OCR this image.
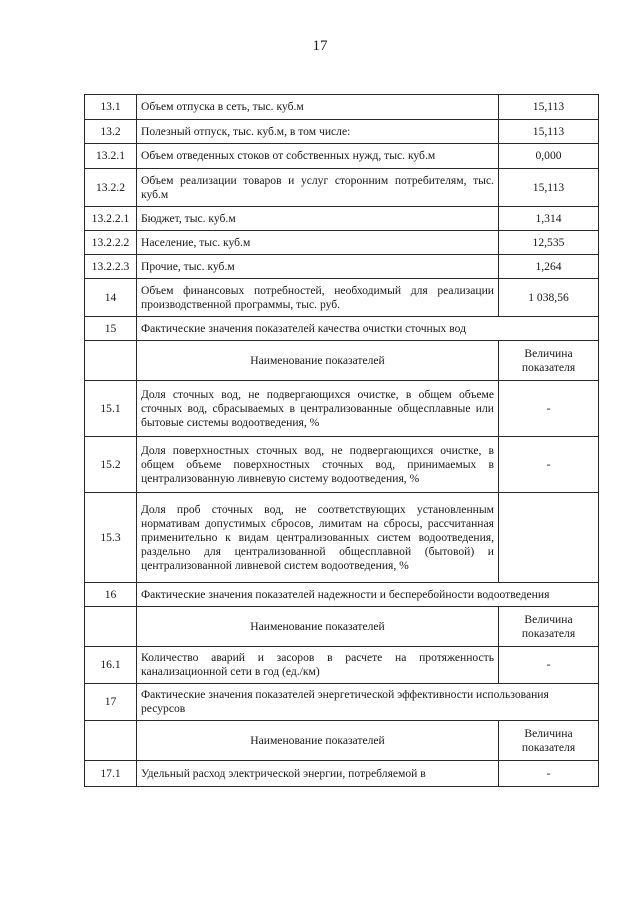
17
13.1	Объем отпуска в сеть, тыс. куб.м	15,113
13.2	Полезный отпуск, тыс. куб.м, в том числе:	15,113
13.2.1	Объем отведенных стоков от собственных нужд, тыс. куб.м	0,000
13.2.2	Объем реализации товаров и услуг сторонним потребителям, тыс. куб.м	15,113
13.2.2.1	Бюджет, тыс. куб.м	1,314
13.2.2.2	Население, тыс. куб.м	12,535
13.2.2.3	Прочие, тыс. куб.м	1,264
14	Объем финансовых потребностей, необходимый для реализации производственной программы, тыс. руб.	1 038,56
15	Фактические значения показателей качества очистки сточных вод	
	Наименование показателей	Величина показателя
15.1	Доля сточных вод, не подвергающихся очистке, в общем объеме сточных вод, сбрасываемых в централизованные общесплавные или бытовые системы водоотведения, %	-
15.2	Доля поверхностных сточных вод, не подвергающихся очистке, в общем объеме поверхностных сточных вод, принимаемых в централизованную ливневую систему водоотведения, %	-
15.3	Доля проб сточных вод, не соответствующих установленным нормативам допустимых сбросов, лимитам на сбросы, рассчитанная применительно к видам централизованных систем водоотведения, раздельно для централизованной общесплавной (бытовой) и централизованной ливневой систем водоотведения, %	
16	Фактические значения показателей надежности и бесперебойности водоотведения	
	Наименование показателей	Величина показателя
16.1	Количество аварий и засоров в расчете на протяженность канализационной сети в год (ед./км)	-
17	Фактические значения показателей энергетической эффективности использования ресурсов	
	Наименование показателей	Величина показателя
17.1	Удельный расход электрической энергии, потребляемой в	-
